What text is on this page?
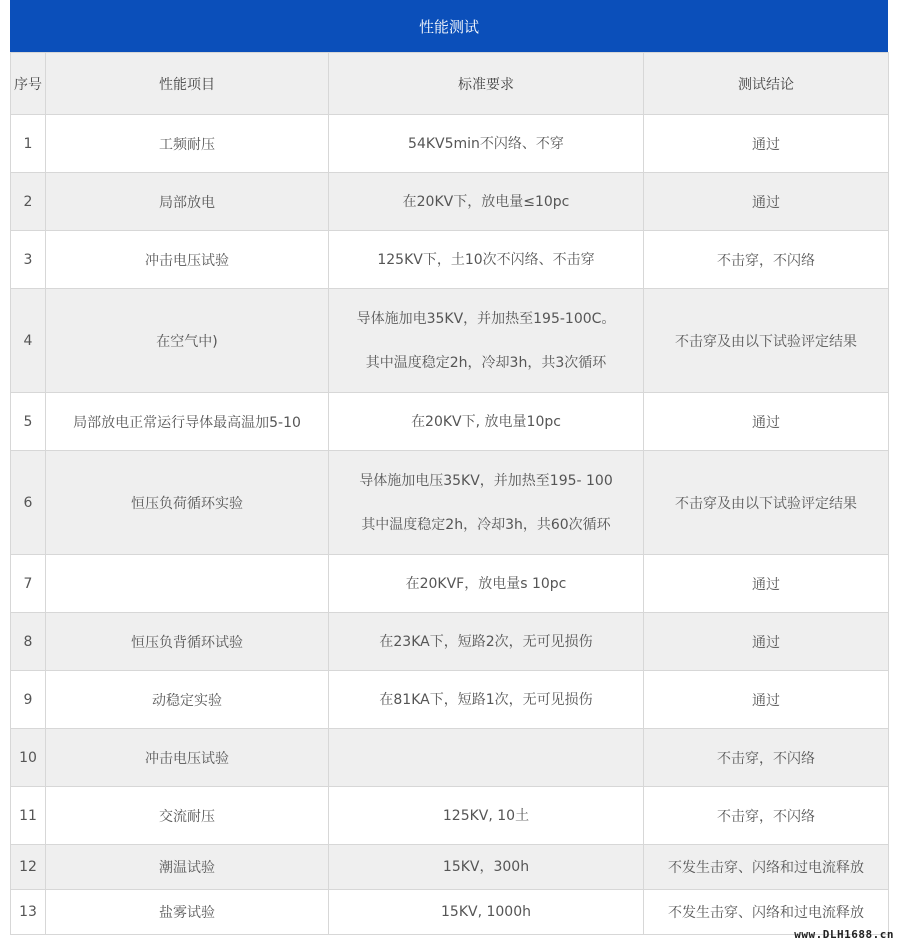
性能测试
序号	性能项目	标准要求	测试结论
1	工频耐压	54KV5min不闪络、不穿	通过
2	局部放电	在20KV下，放电量≤10pc	通过
3	冲击电压试验	125KV下，土10次不闪络、不击穿	不击穿，不闪络
4	在空气中)	导体施加电35KV，并加热至195-100C。
其中温度稳定2h，冷却3h，共3次循环	不击穿及由以下试验评定结果
5	局部放电正常运行导体最高温加5-10	在20KV下, 放电量10pc	通过
6	恒压负荷循环实验	导体施加电压35KV，并加热至195- 100
其中温度稳定2h，冷却3h，共60次循环	不击穿及由以下试验评定结果
7		在20KVF，放电量s 10pc	通过
8	恒压负背循环试验	在23KA下，短路2次，无可见损伤	通过
9	动稳定实验	在81KA下，短路1次，无可见损伤	通过
10	冲击电压试验		不击穿，不闪络
11	交流耐压	125KV, 10土	不击穿，不闪络
12	潮温试验	15KV，300h	不发生击穿、闪络和过电流释放
13	盐雾试验	15KV, 1000h	不发生击穿、闪络和过电流释放
www.DLH1688.cn
